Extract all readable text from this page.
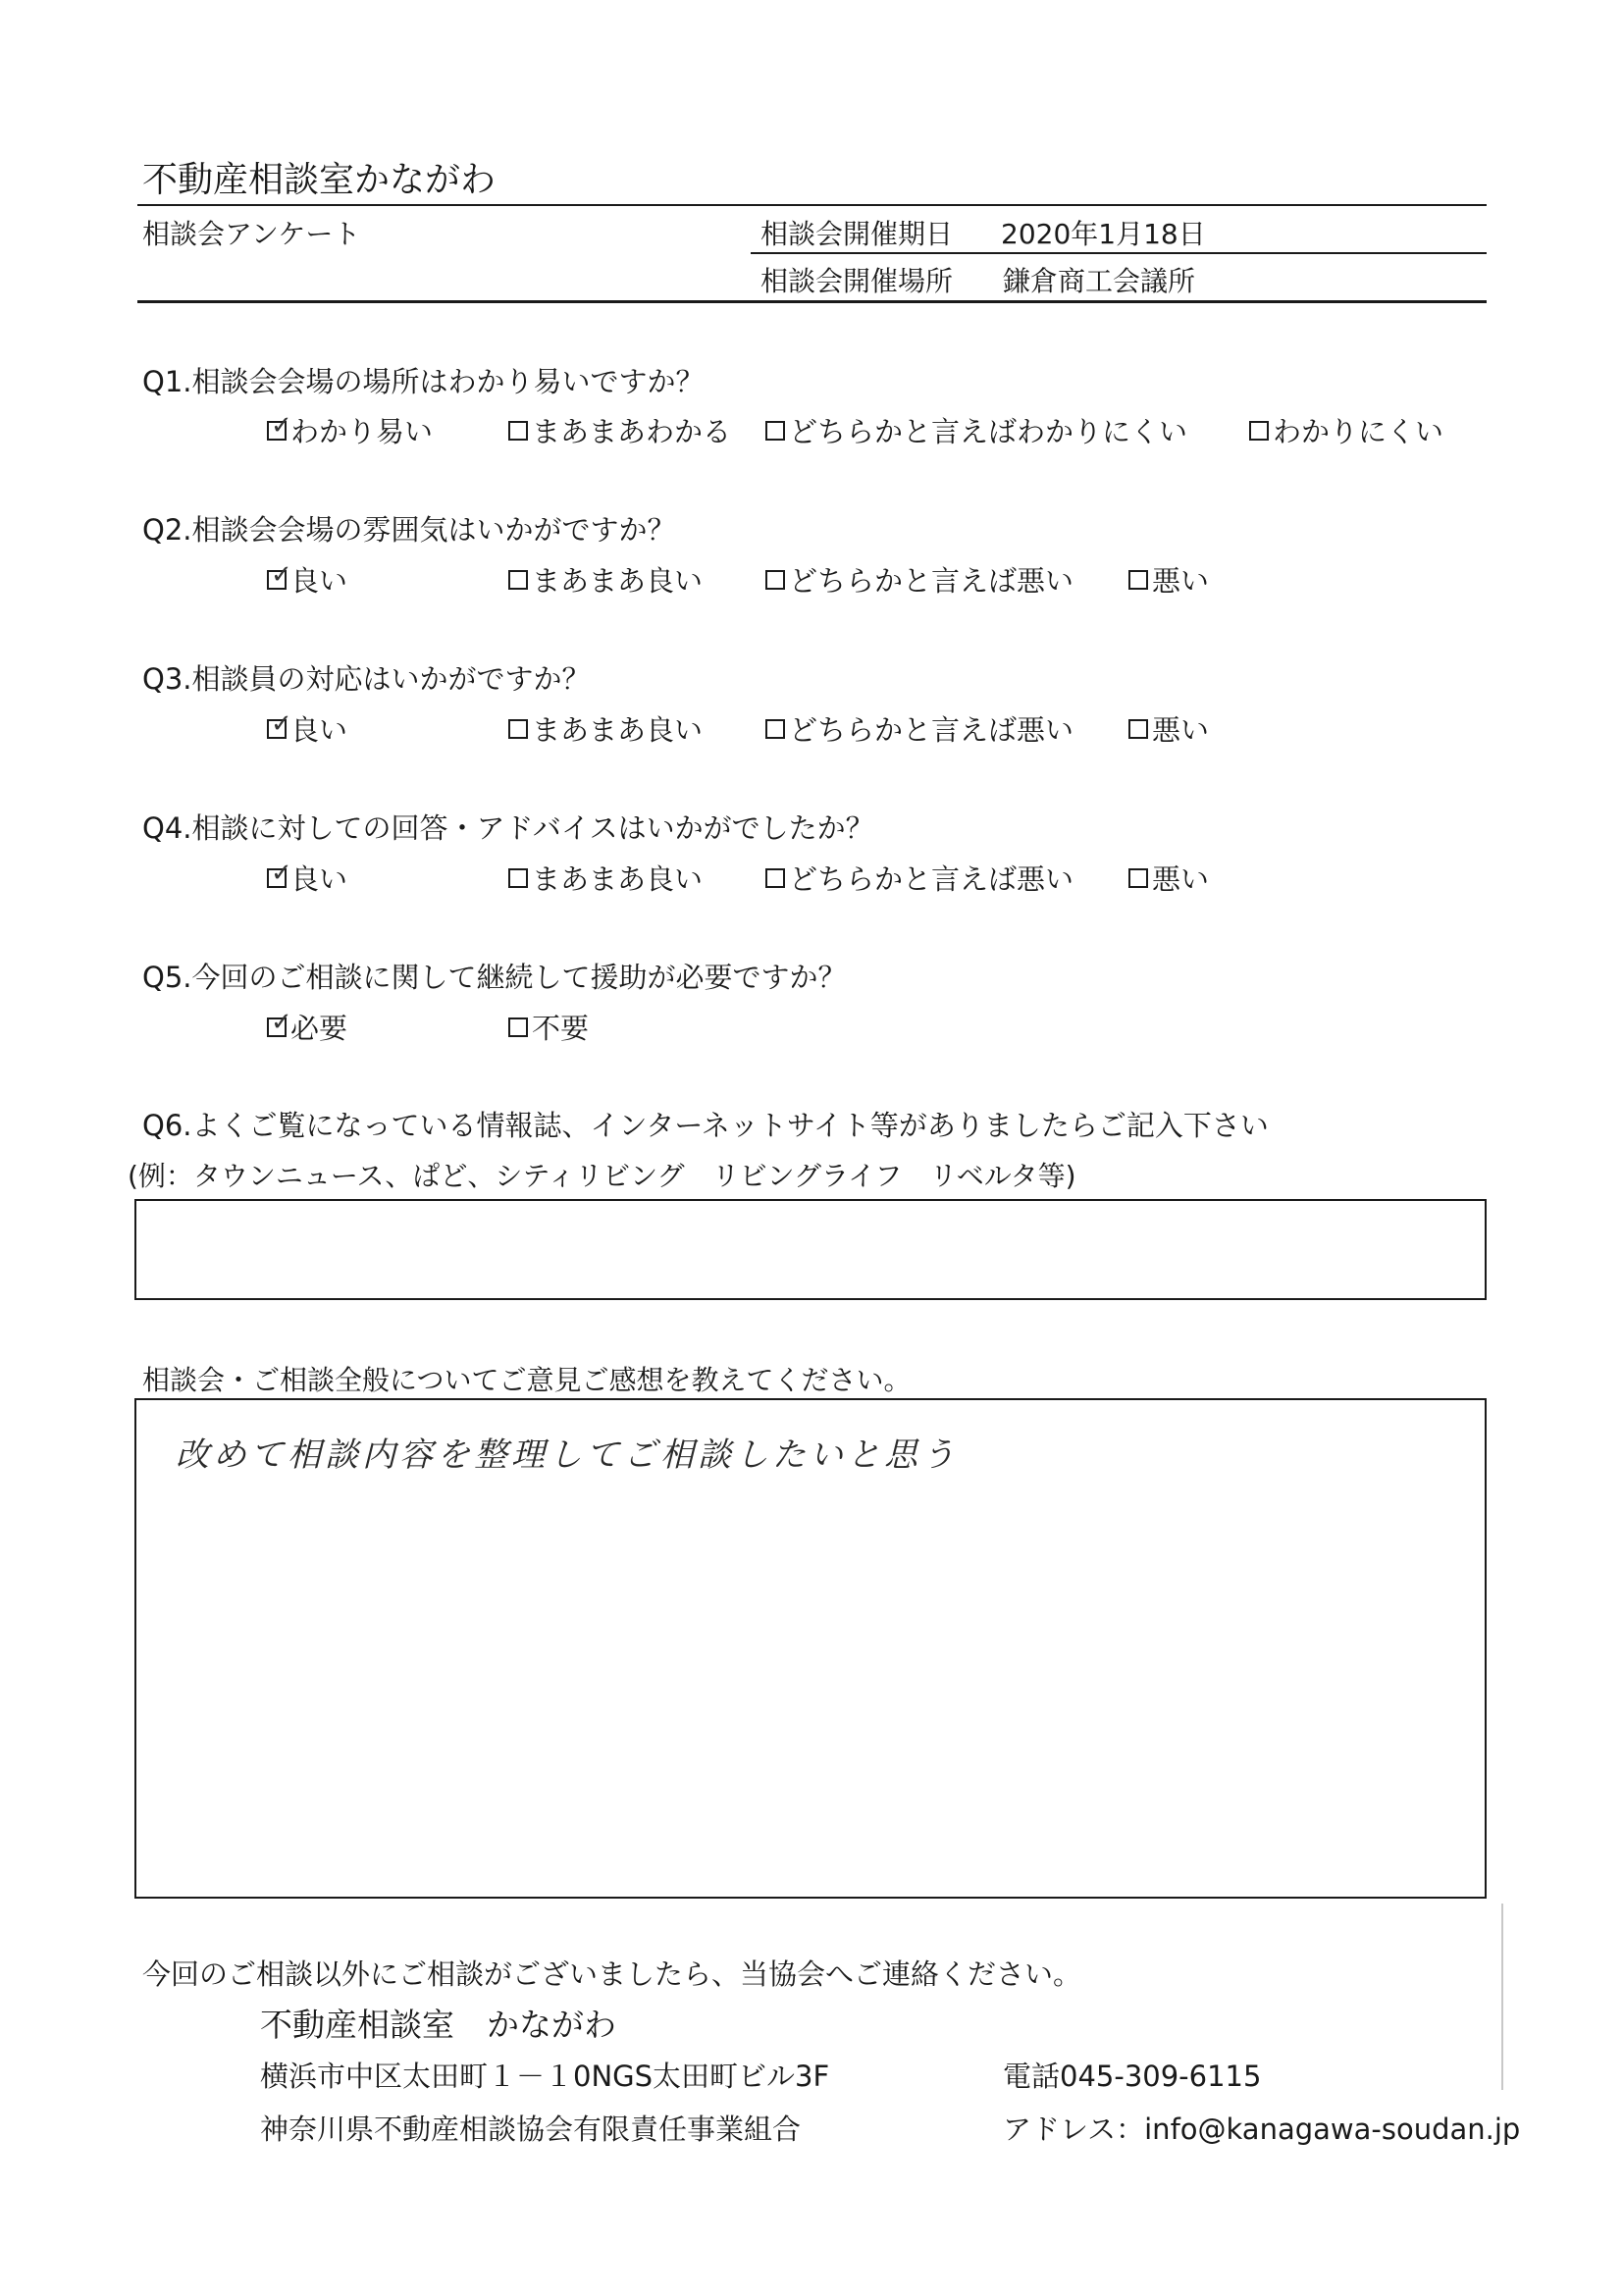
不動産相談室かながわ
相談会アンケート	相談会開催期日 2020年1月18日
相談会開催場所 鎌倉商工会議所
Q1.相談会会場の場所はわかり易いですか？
✓
わかり易い	まあまあわかる どちらかと言えばわかりにくい	わかりにくい
Q2.相談会会場の雰囲気はいかがですか？
✓
良い	まあまあ良い	どちらかと言えば悪い	悪い
Q3.相談員の対応はいかがですか？
✓
良い	まあまあ良い	どちらかと言えば悪い	悪い
Q4.相談に対しての回答・アドバイスはいかがでしたか？
✓
良い	まあまあ良い	どちらかと言えば悪い	悪い
Q5.今回のご相談に関して継続して援助が必要ですか？
✓
必要	不要
Q6.よくご覧になっている情報誌、インターネットサイト等がありましたらご記入下さい
(例：タウンニュース、ぱど、シティリビング　リビングライフ　リベルタ等)
相談会・ご相談全般についてご意見ご感想を教えてください。
改めて相談内容を整理してご相談したいと思う
今回のご相談以外にご相談がございましたら、当協会へご連絡ください。
不動産相談室　かながわ
横浜市中区太田町１－１0NGS太田町ビル3F	電話045-309-6115
神奈川県不動産相談協会有限責任事業組合	アドレス：info@kanagawa-soudan.jp
